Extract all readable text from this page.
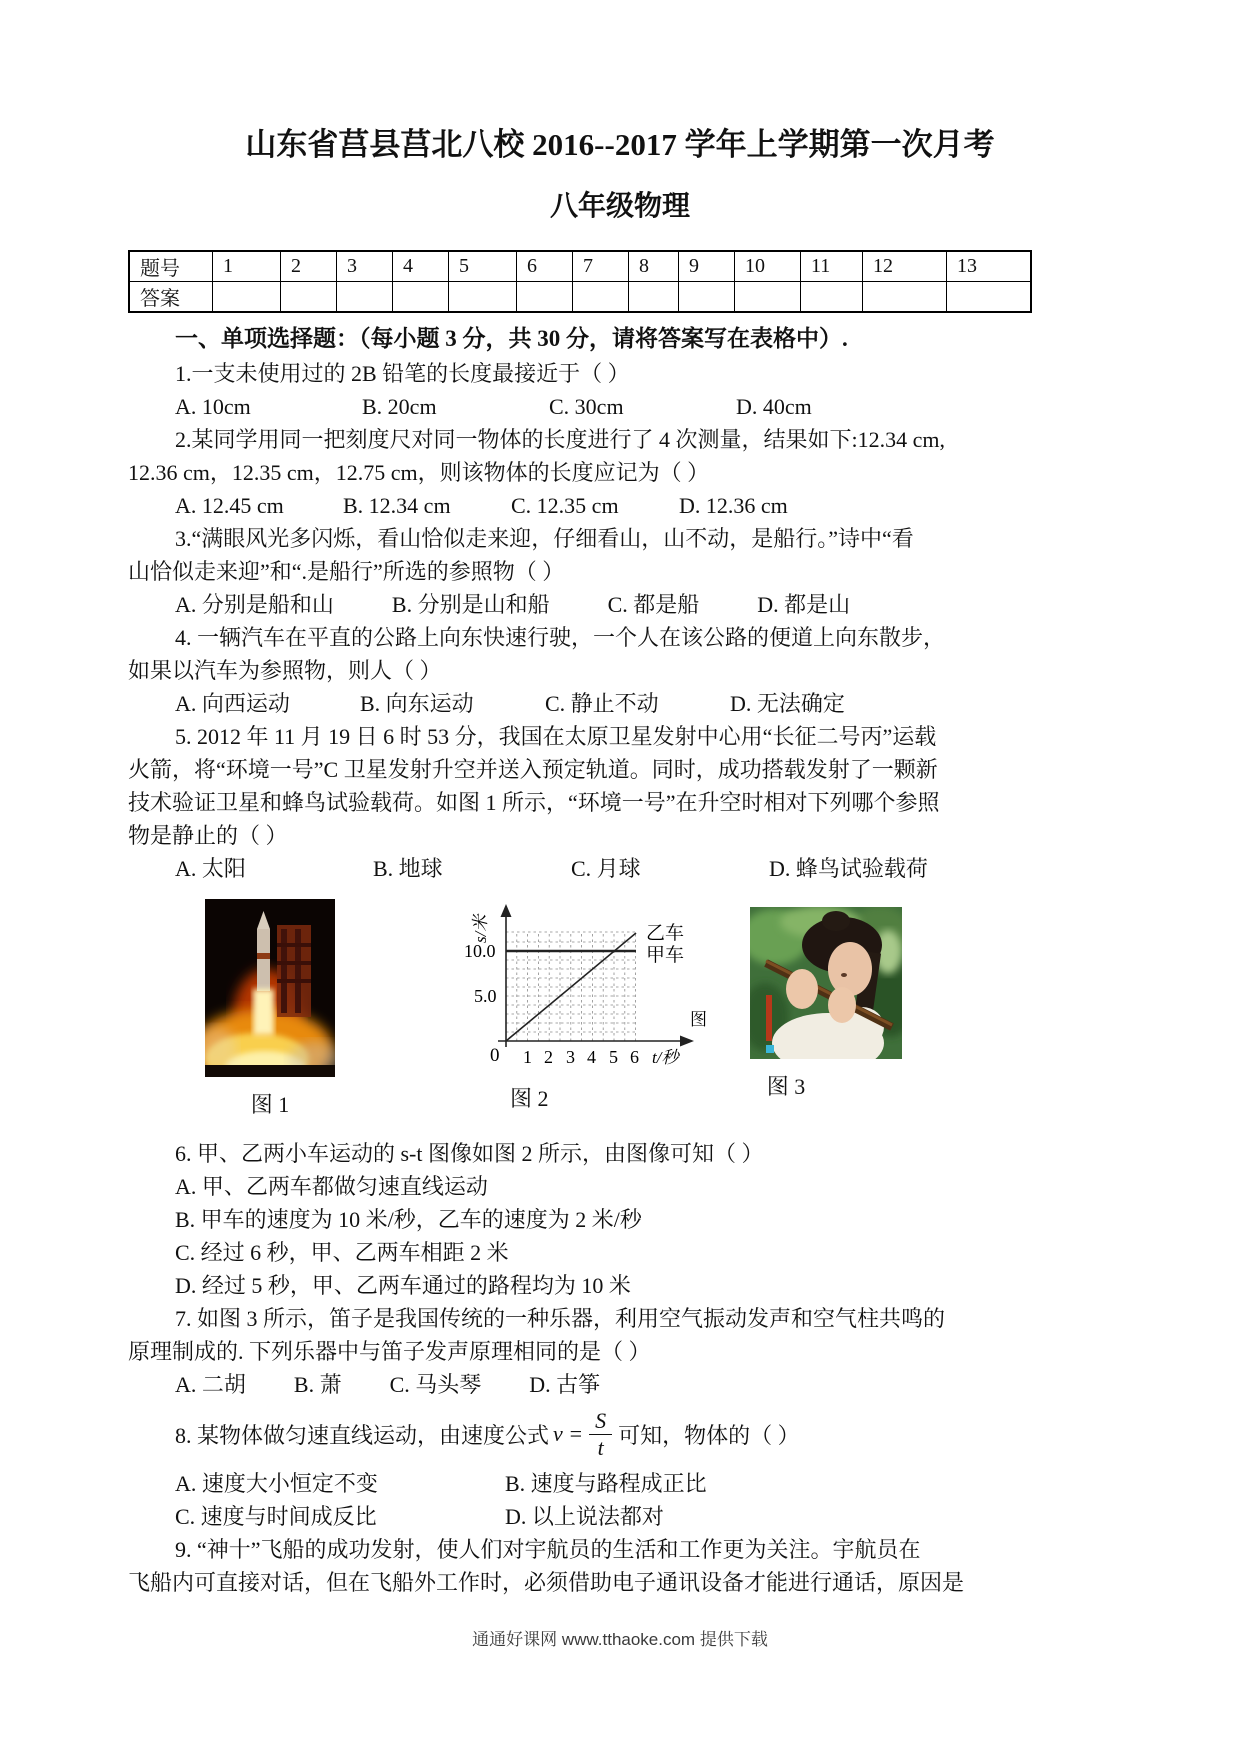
山东省莒县莒北八校 2016--2017 学年上学期第一次月考
八年级物理
题号	1	2	3	4	5	6	7	8	9	10	11	12	13
答案													

一、单项选择题：（每小题 3 分，共 30 分，请将答案写在表格中）.

1.一支未使用过的 2B 铅笔的长度最接近于（ ）

A. 10cm	B. 20cm	C. 30cm	D. 40cm

2.某同学用同一把刻度尺对同一物体的长度进行了 4 次测量，结果如下:12.34 cm,

12.36 cm，12.35 cm，12.75 cm，则该物体的长度应记为（ ）

A. 12.45 cm	B. 12.34 cm	C. 12.35 cm	D. 12.36 cm

3.“满眼风光多闪烁，看山恰似走来迎，仔细看山，山不动，是船行。”诗中“看

山恰似走来迎”和“.是船行”所选的参照物（ ）

A. 分别是船和山	B. 分别是山和船	C. 都是船	D. 都是山

4. 一辆汽车在平直的公路上向东快速行驶，一个人在该公路的便道上向东散步，

如果以汽车为参照物，则人（ ）

A. 向西运动	B. 向东运动	C. 静止不动	D. 无法确定

5. 2012 年 11 月 19 日 6 时 53 分，我国在太原卫星发射中心用“长征二号丙”运载

火箭，将“环境一号”C 卫星发射升空并送入预定轨道。同时，成功搭载发射了一颗新

技术验证卫星和蜂鸟试验载荷。如图 1 所示，“环境一号”在升空时相对下列哪个参照

物是静止的（ ）

A. 太阳	B. 地球	C. 月球	D. 蜂鸟试验载荷
图 1
s/米
10.0
5.0
0 1 2 3 4 5 6 t/秒
乙车
甲车
图
图 2	图 3

6. 甲、乙两小车运动的 s-t 图像如图 2 所示，由图像可知（ ）

A. 甲、乙两车都做匀速直线运动

B. 甲车的速度为 10 米/秒，乙车的速度为 2 米/秒

C. 经过 6 秒，甲、乙两车相距 2 米

D. 经过 5 秒，甲、乙两车通过的路程均为 10 米

7. 如图 3 所示，笛子是我国传统的一种乐器，利用空气振动发声和空气柱共鸣的

原理制成的. 下列乐器中与笛子发声原理相同的是（ ）

A. 二胡 B. 萧 C. 马头琴 D. 古筝
8. 某物体做匀速直线运动，由速度公式 $v = \frac{S}{t}$ 可知，物体的（ ）
A. 速度大小恒定不变	B. 速度与路程成正比
C. 速度与时间成反比	D. 以上说法都对

9. “神十”飞船的成功发射，使人们对宇航员的生活和工作更为关注。宇航员在

飞船内可直接对话，但在飞船外工作时，必须借助电子通讯设备才能进行通话，原因是

通通好课网 www.tthaoke.com 提供下载
